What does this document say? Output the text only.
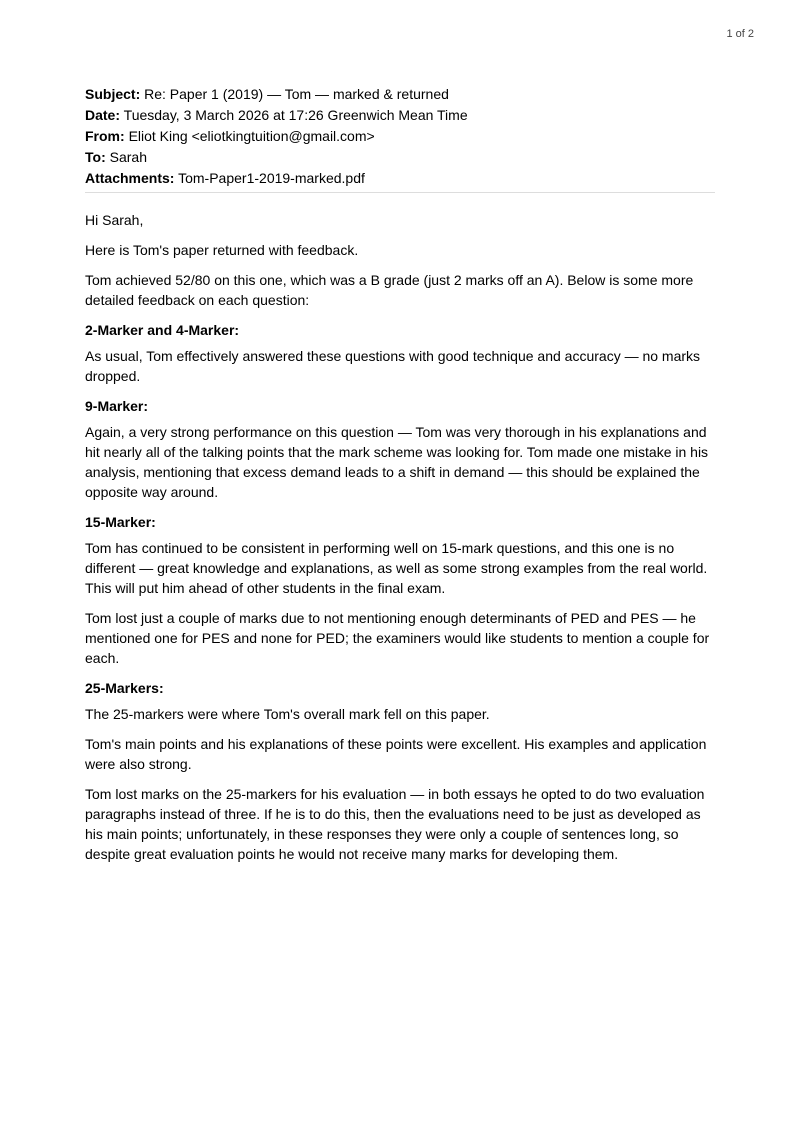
1 of 2
Subject: Re: Paper 1 (2019) — Tom — marked & returned
Date: Tuesday, 3 March 2026 at 17:26 Greenwich Mean Time
From: Eliot King <eliotkingtuition@gmail.com>
To: Sarah
Attachments: Tom-Paper1-2019-marked.pdf

Hi Sarah,

Here is Tom's paper returned with feedback.

Tom achieved 52/80 on this one, which was a B grade (just 2 marks off an A). Below is some more detailed feedback on each question:

2-Marker and 4-Marker:

As usual, Tom effectively answered these questions with good technique and accuracy — no marks dropped.

9-Marker:

Again, a very strong performance on this question — Tom was very thorough in his explanations and hit nearly all of the talking points that the mark scheme was looking for. Tom made one mistake in his analysis, mentioning that excess demand leads to a shift in demand — this should be explained the opposite way around.

15-Marker:

Tom has continued to be consistent in performing well on 15-mark questions, and this one is no different — great knowledge and explanations, as well as some strong examples from the real world. This will put him ahead of other students in the final exam.

Tom lost just a couple of marks due to not mentioning enough determinants of PED and PES — he mentioned one for PES and none for PED; the examiners would like students to mention a couple for each.

25-Markers:

The 25-markers were where Tom's overall mark fell on this paper.

Tom's main points and his explanations of these points were excellent. His examples and application were also strong.

Tom lost marks on the 25-markers for his evaluation — in both essays he opted to do two evaluation paragraphs instead of three. If he is to do this, then the evaluations need to be just as developed as his main points; unfortunately, in these responses they were only a couple of sentences long, so despite great evaluation points he would not receive many marks for developing them.
